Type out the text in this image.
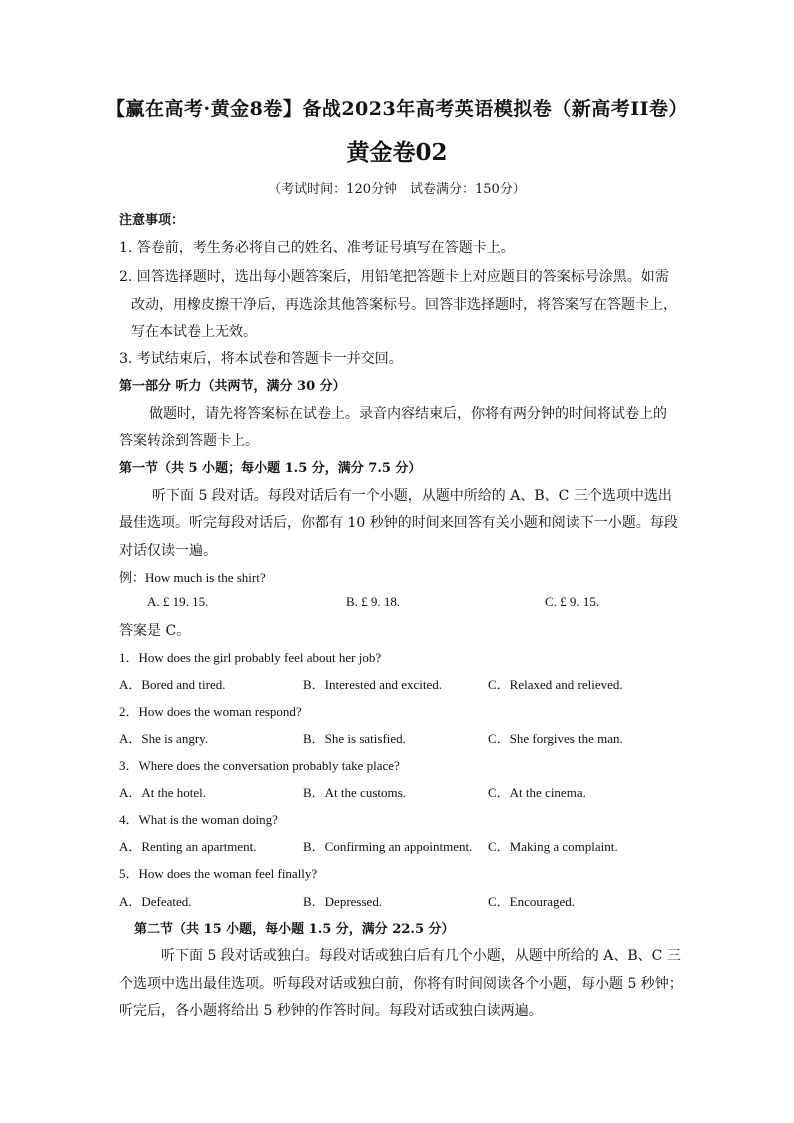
【赢在高考·黄金8卷】备战2023年高考英语模拟卷（新高考II卷）
黄金卷02
（考试时间：120分钟　试卷满分：150分）
注意事项：
1. 答卷前，考生务必将自己的姓名、准考证号填写在答题卡上。
2. 回答选择题时，选出每小题答案后，用铅笔把答题卡上对应题目的答案标号涂黑。如需
改动，用橡皮擦干净后，再选涂其他答案标号。回答非选择题时，将答案写在答题卡上，
写在本试卷上无效。
3. 考试结束后，将本试卷和答题卡一并交回。
第一部分 听力（共两节，满分 30 分）
做题时，请先将答案标在试卷上。录音内容结束后，你将有两分钟的时间将试卷上的
答案转涂到答题卡上。
第一节（共 5 小题；每小题 1.5 分，满分 7.5 分）
听下面 5 段对话。每段对话后有一个小题，从题中所给的 A、B、C 三个选项中选出
最佳选项。听完每段对话后，你都有 10 秒钟的时间来回答有关小题和阅读下一小题。每段
对话仅读一遍。
例：How much is the shirt?
A. £ 19. 15.	B. £ 9. 18.	C. £ 9. 15.
答案是 C。
1．How does the girl probably feel about her job?
A．Bored and tired.	B．Interested and excited.	C．Relaxed and relieved.
2．How does the woman respond?
A．She is angry.	B．She is satisfied.	C．She forgives the man.
3．Where does the conversation probably take place?
A．At the hotel.	B．At the customs.	C．At the cinema.
4．What is the woman doing?
A．Renting an apartment.	B．Confirming an appointment. C．Making a complaint.
5．How does the woman feel finally?
A．Defeated.	B．Depressed.	C．Encouraged.
第二节（共 15 小题，每小题 1.5 分，满分 22.5 分）
听下面 5 段对话或独白。每段对话或独白后有几个小题，从题中所给的 A、B、C 三
个选项中选出最佳选项。听每段对话或独白前，你将有时间阅读各个小题，每小题 5 秒钟；
听完后，各小题将给出 5 秒钟的作答时间。每段对话或独白读两遍。
